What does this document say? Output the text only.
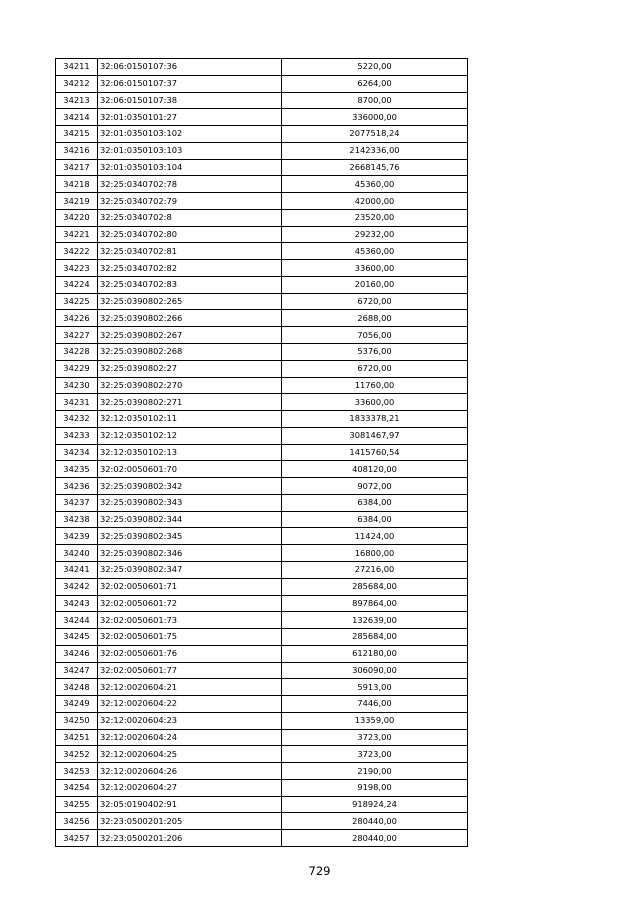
34211	32:06:0150107:36	5220,00
34212	32:06:0150107:37	6264,00
34213	32:06:0150107:38	8700,00
34214	32:01:0350101:27	336000,00
34215	32:01:0350103:102	2077518,24
34216	32:01:0350103:103	2142336,00
34217	32:01:0350103:104	2668145,76
34218	32:25:0340702:78	45360,00
34219	32:25:0340702:79	42000,00
34220	32:25:0340702:8	23520,00
34221	32:25:0340702:80	29232,00
34222	32:25:0340702:81	45360,00
34223	32:25:0340702:82	33600,00
34224	32:25:0340702:83	20160,00
34225	32:25:0390802:265	6720,00
34226	32:25:0390802:266	2688,00
34227	32:25:0390802:267	7056,00
34228	32:25:0390802:268	5376,00
34229	32:25:0390802:27	6720,00
34230	32:25:0390802:270	11760,00
34231	32:25:0390802:271	33600,00
34232	32:12:0350102:11	1833378,21
34233	32:12:0350102:12	3081467,97
34234	32:12:0350102:13	1415760,54
34235	32:02:0050601:70	408120,00
34236	32:25:0390802:342	9072,00
34237	32:25:0390802:343	6384,00
34238	32:25:0390802:344	6384,00
34239	32:25:0390802:345	11424,00
34240	32:25:0390802:346	16800,00
34241	32:25:0390802:347	27216,00
34242	32:02:0050601:71	285684,00
34243	32:02:0050601:72	897864,00
34244	32:02:0050601:73	132639,00
34245	32:02:0050601:75	285684,00
34246	32:02:0050601:76	612180,00
34247	32:02:0050601:77	306090,00
34248	32:12:0020604:21	5913,00
34249	32:12:0020604:22	7446,00
34250	32:12:0020604:23	13359,00
34251	32:12:0020604:24	3723,00
34252	32:12:0020604:25	3723,00
34253	32:12:0020604:26	2190,00
34254	32:12:0020604:27	9198,00
34255	32:05:0190402:91	918924,24
34256	32:23:0500201:205	280440,00
34257	32:23:0500201:206	280440,00
729
